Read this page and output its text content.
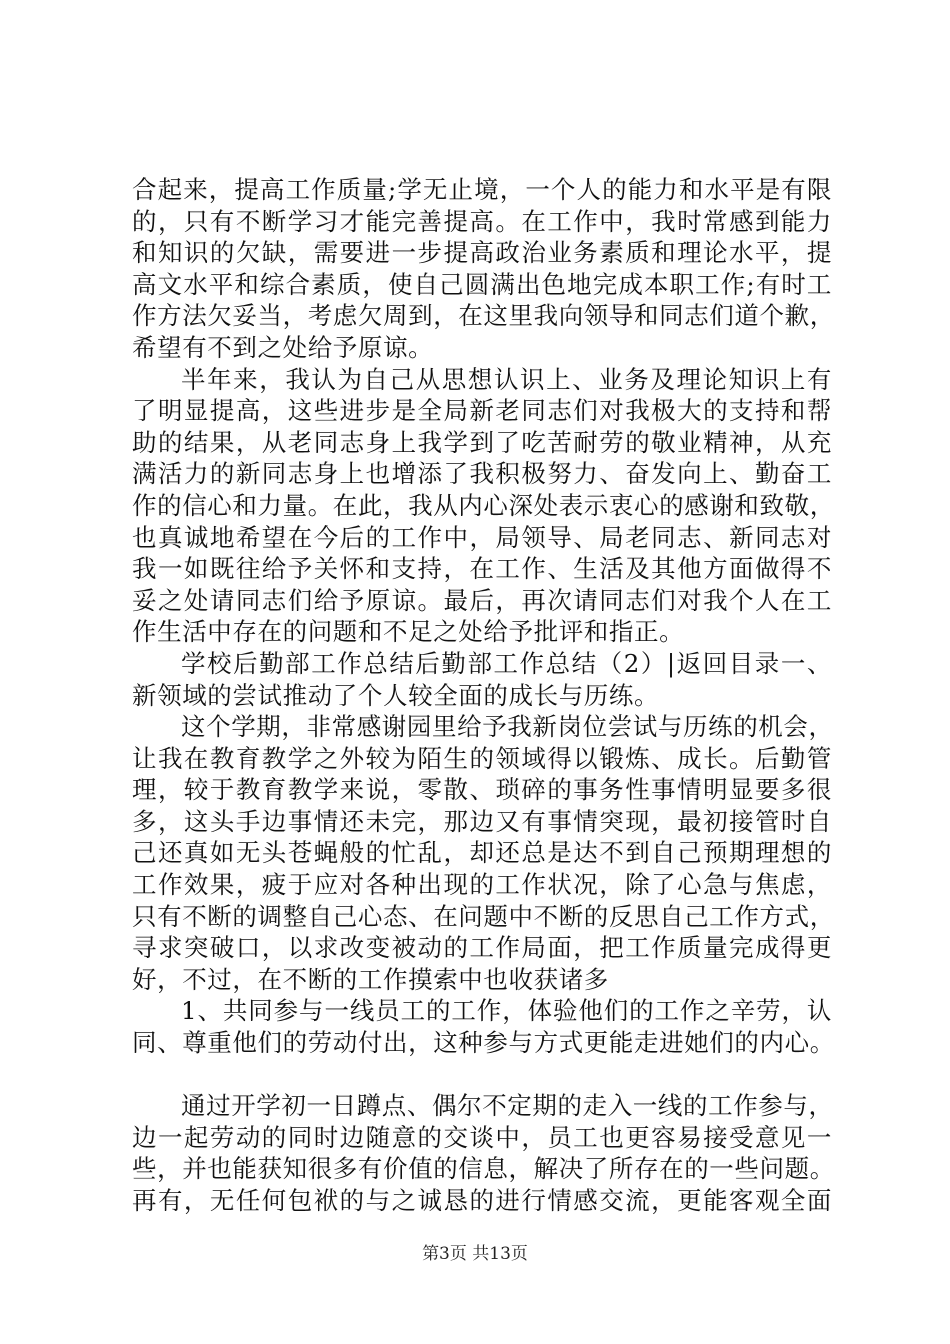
合起来，提高工作质量;学无止境，一个人的能力和水平是有限
的，只有不断学习才能完善提高。在工作中，我时常感到能力
和知识的欠缺，需要进一步提高政治业务素质和理论水平，提
高文水平和综合素质，使自己圆满出色地完成本职工作;有时工
作方法欠妥当，考虑欠周到，在这里我向领导和同志们道个歉，
希望有不到之处给予原谅。
半年来，我认为自己从思想认识上、业务及理论知识上有
了明显提高，这些进步是全局新老同志们对我极大的支持和帮
助的结果，从老同志身上我学到了吃苦耐劳的敬业精神，从充
满活力的新同志身上也增添了我积极努力、奋发向上、勤奋工
作的信心和力量。在此，我从内心深处表示衷心的感谢和致敬，
也真诚地希望在今后的工作中，局领导、局老同志、新同志对
我一如既往给予关怀和支持，在工作、生活及其他方面做得不
妥之处请同志们给予原谅。最后，再次请同志们对我个人在工
作生活中存在的问题和不足之处给予批评和指正。
学校后勤部工作总结后勤部工作总结（2）|返回目录一、
新领域的尝试推动了个人较全面的成长与历练。
这个学期，非常感谢园里给予我新岗位尝试与历练的机会，
让我在教育教学之外较为陌生的领域得以锻炼、成长。后勤管
理，较于教育教学来说，零散、琐碎的事务性事情明显要多很
多，这头手边事情还未完，那边又有事情突现，最初接管时自
己还真如无头苍蝇般的忙乱，却还总是达不到自己预期理想的
工作效果，疲于应对各种出现的工作状况，除了心急与焦虑，
只有不断的调整自己心态、在问题中不断的反思自己工作方式，
寻求突破口，以求改变被动的工作局面，把工作质量完成得更
好，不过，在不断的工作摸索中也收获诸多
1、共同参与一线员工的工作，体验他们的工作之辛劳，认
同、尊重他们的劳动付出，这种参与方式更能走进她们的内心。
通过开学初一日蹲点、偶尔不定期的走入一线的工作参与，
边一起劳动的同时边随意的交谈中，员工也更容易接受意见一
些，并也能获知很多有价值的信息，解决了所存在的一些问题。
再有，无任何包袱的与之诚恳的进行情感交流，更能客观全面
第3页 共13页
